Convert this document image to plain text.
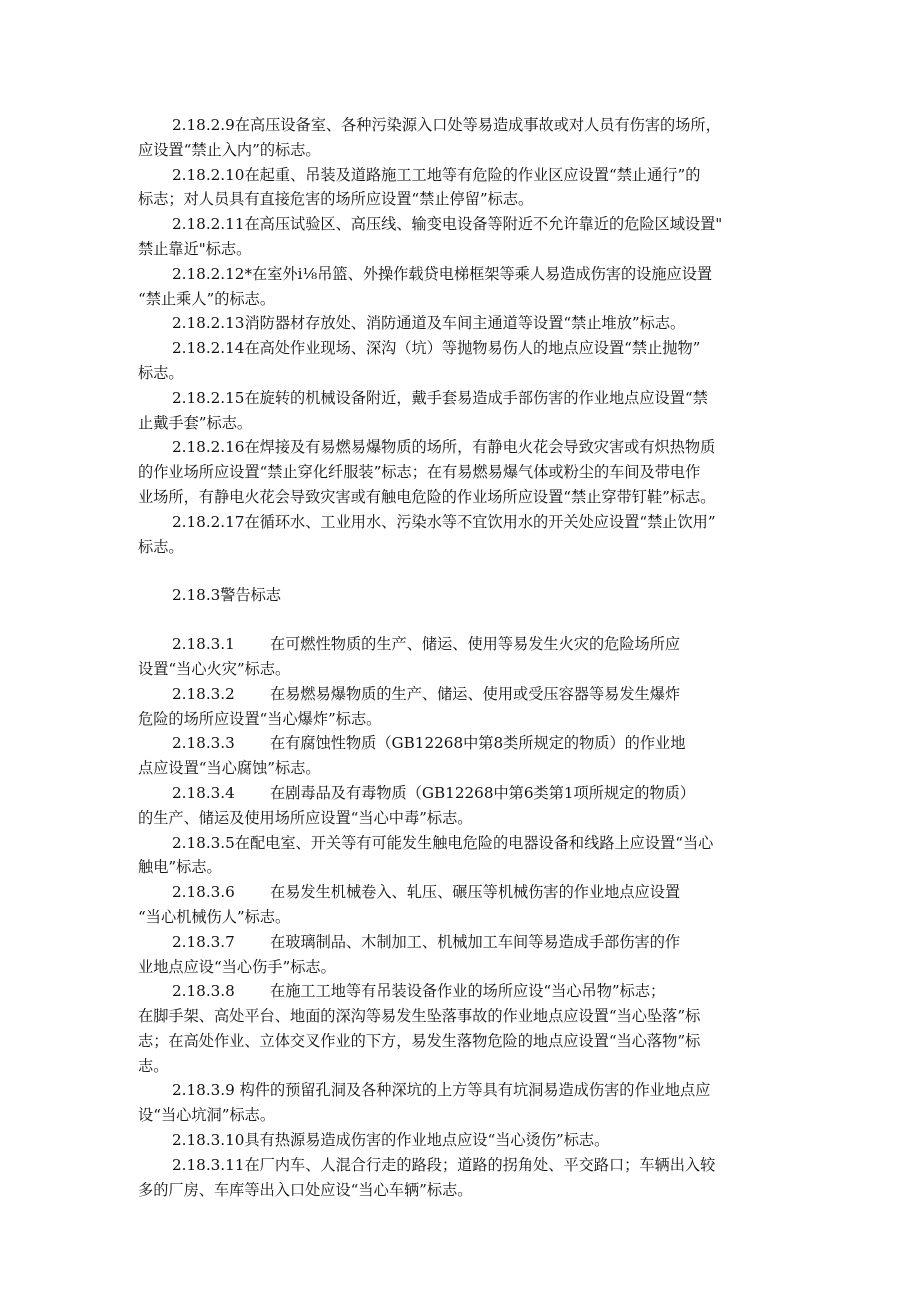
2.18.2.9在高压设备室、各种污染源入口处等易造成事故或对人员有伤害的场所，
应设置“禁止入内”的标志。

2.18.2.10在起重、吊装及道路施工工地等有危险的作业区应设置“禁止通行”的
标志；对人员具有直接危害的场所应设置“禁止停留”标志。

2.18.2.11在高压试验区、高压线、输变电设备等附近不允许靠近的危险区域设置"
禁止靠近"标志。

2.18.2.12*在室外i⅛吊篮、外操作载贷电梯框架等乘人易造成伤害的设施应设置
“禁止乘人”的标志。

2.18.2.13消防器材存放处、消防通道及车间主通道等设置“禁止堆放”标志。

2.18.2.14在高处作业现场、深沟（坑）等抛物易伤人的地点应设置“禁止抛物”
标志。

2.18.2.15在旋转的机械设备附近，戴手套易造成手部伤害的作业地点应设置“禁
止戴手套”标志。

2.18.2.16在焊接及有易燃易爆物质的场所，有静电火花会导致灾害或有炽热物质
的作业场所应设置“禁止穿化纤服装”标志；在有易燃易爆气体或粉尘的车间及带电作
业场所，有静电火花会导致灾害或有触电危险的作业场所应设置“禁止穿带钉鞋”标志。

2.18.2.17在循环水、工业用水、污染水等不宜饮用水的开关处应设置“禁止饮用”
标志。

2.18.3警告标志

2.18.3.1 在可燃性物质的生产、储运、使用等易发生火灾的危险场所应
设置“当心火灾”标志。

2.18.3.2 在易燃易爆物质的生产、储运、使用或受压容器等易发生爆炸
危险的场所应设置“当心爆炸”标志。

2.18.3.3 在有腐蚀性物质（GB12268中第8类所规定的物质）的作业地
点应设置“当心腐蚀”标志。

2.18.3.4 在剧毒品及有毒物质（GB12268中第6类第1项所规定的物质）
的生产、储运及使用场所应设置“当心中毒”标志。

2.18.3.5在配电室、开关等有可能发生触电危险的电器设备和线路上应设置“当心
触电”标志。

2.18.3.6 在易发生机械卷入、轧压、碾压等机械伤害的作业地点应设置
“当心机械伤人”标志。

2.18.3.7 在玻璃制品、木制加工、机械加工车间等易造成手部伤害的作
业地点应设“当心伤手”标志。

2.18.3.8 在施工工地等有吊装设备作业的场所应设“当心吊物”标志；
在脚手架、高处平台、地面的深沟等易发生坠落事故的作业地点应设置“当心坠落”标
志；在高处作业、立体交叉作业的下方，易发生落物危险的地点应设置“当心落物”标
志。

2.18.3.9 构件的预留孔洞及各种深坑的上方等具有坑洞易造成伤害的作业地点应
设“当心坑洞”标志。

2.18.3.10具有热源易造成伤害的作业地点应设“当心烫伤”标志。

2.18.3.11在厂内车、人混合行走的路段；道路的拐角处、平交路口；车辆出入较
多的厂房、车库等出入口处应设“当心车辆”标志。
